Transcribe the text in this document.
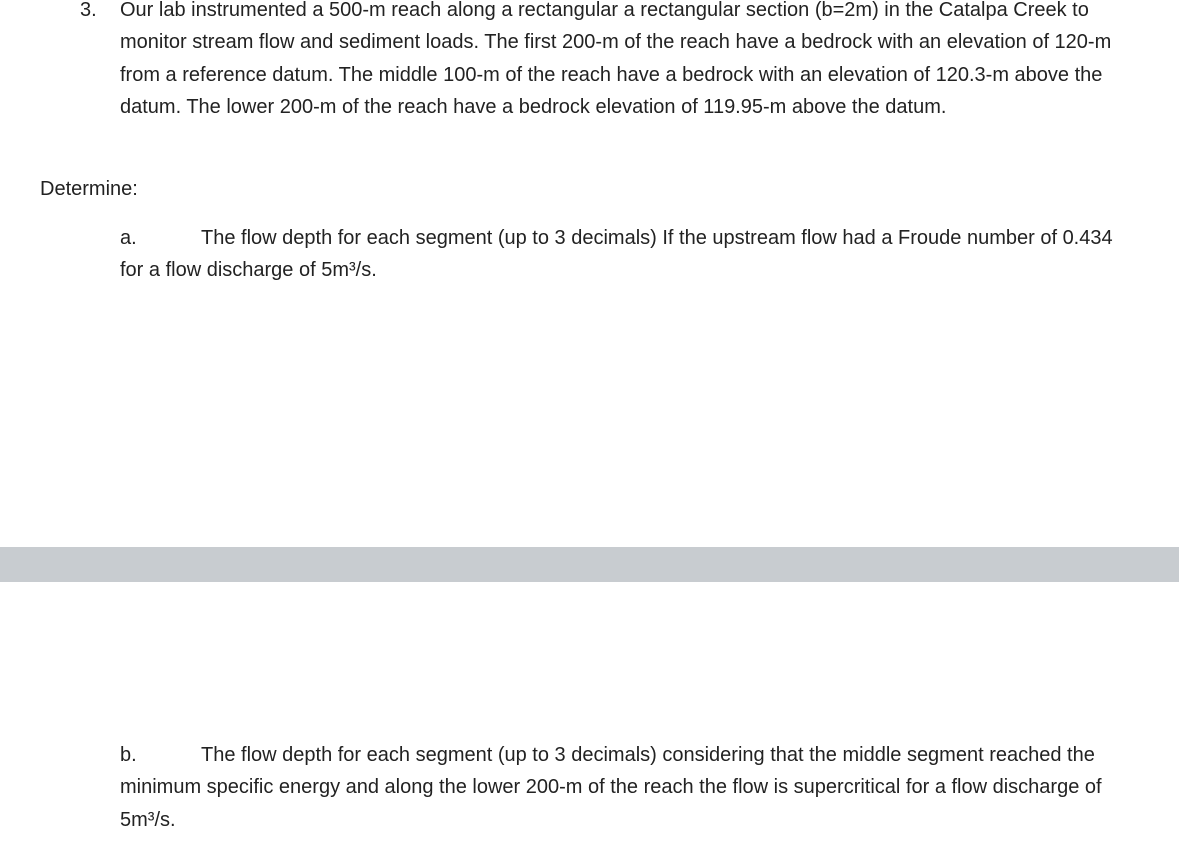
3. Our lab instrumented a 500-m reach along a rectangular a rectangular section (b=2m) in the Catalpa Creek to monitor stream flow and sediment loads. The first 200-m of the reach have a bedrock with an elevation of 120-m from a reference datum. The middle 100-m of the reach have a bedrock with an elevation of 120.3-m above the datum. The lower 200-m of the reach have a bedrock elevation of 119.95-m above the datum.
Determine:
a.	The flow depth for each segment (up to 3 decimals) If the upstream flow had a Froude number of 0.434 for a flow discharge of 5m³/s.
b.	The flow depth for each segment (up to 3 decimals) considering that the middle segment reached the minimum specific energy and along the lower 200-m of the reach the flow is supercritical for a flow discharge of 5m³/s.
